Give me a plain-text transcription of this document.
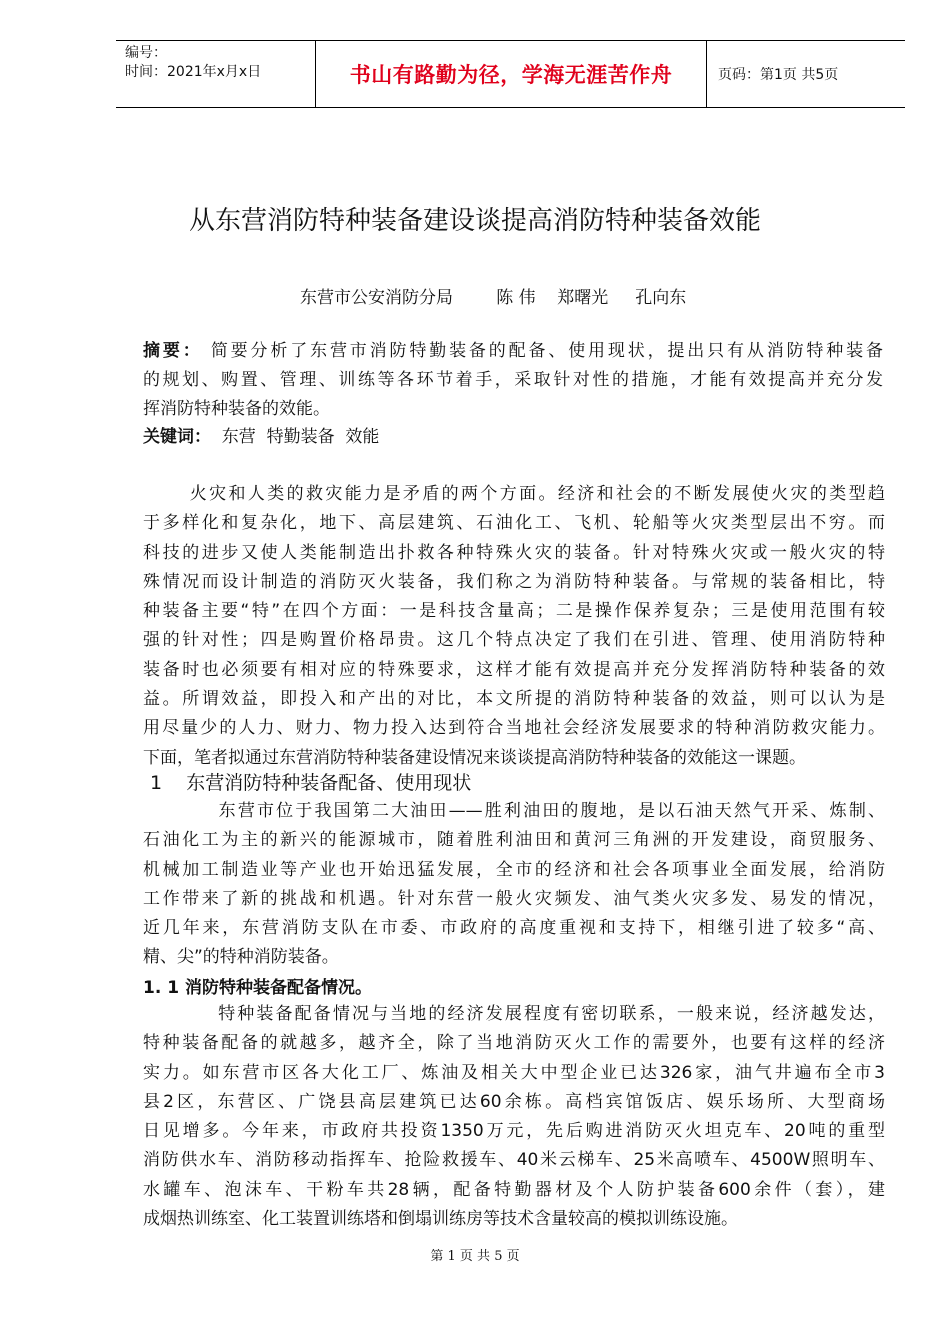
编号：
时间：2021年x月x日	书山有路勤为径，学海无涯苦作舟	页码：第1页 共5页
从东营消防特种装备建设谈提高消防特种装备效能
东营市公安消防分局        陈 伟    郑曙光     孔向东
摘要： 简要分析了东营市消防特勤装备的配备、使用现状，提出只有从消防特种装备
的规划、购置、管理、训练等各环节着手，采取针对性的措施，才能有效提高并充分发
挥消防特种装备的效能。
关键词：  东营  特勤装备  效能
火灾和人类的救灾能力是矛盾的两个方面。经济和社会的不断发展使火灾的类型趋
于多样化和复杂化，地下、高层建筑、石油化工、飞机、轮船等火灾类型层出不穷。而
科技的进步又使人类能制造出扑救各种特殊火灾的装备。针对特殊火灾或一般火灾的特
殊情况而设计制造的消防灭火装备，我们称之为消防特种装备。与常规的装备相比，特
种装备主要“特”在四个方面：一是科技含量高；二是操作保养复杂；三是使用范围有较
强的针对性；四是购置价格昂贵。这几个特点决定了我们在引进、管理、使用消防特种
装备时也必须要有相对应的特殊要求，这样才能有效提高并充分发挥消防特种装备的效
益。所谓效益，即投入和产出的对比，本文所提的消防特种装备的效益，则可以认为是
用尽量少的人力、财力、物力投入达到符合当地社会经济发展要求的特种消防救灾能力。
下面，笔者拟通过东营消防特种装备建设情况来谈谈提高消防特种装备的效能这一课题。
1    东营消防特种装备配备、使用现状
东营市位于我国第二大油田——胜利油田的腹地，是以石油天然气开采、炼制、
石油化工为主的新兴的能源城市，随着胜利油田和黄河三角洲的开发建设，商贸服务、
机械加工制造业等产业也开始迅猛发展，全市的经济和社会各项事业全面发展，给消防
工作带来了新的挑战和机遇。针对东营一般火灾频发、油气类火灾多发、易发的情况，
近几年来，东营消防支队在市委、市政府的高度重视和支持下，相继引进了较多“高、
精、尖”的特种消防装备。
1. 1 消防特种装备配备情况。
特种装备配备情况与当地的经济发展程度有密切联系，一般来说，经济越发达，
特种装备配备的就越多，越齐全，除了当地消防灭火工作的需要外，也要有这样的经济
实力。如东营市区各大化工厂、炼油及相关大中型企业已达326家，油气井遍布全市3
县2区，东营区、广饶县高层建筑已达60余栋。高档宾馆饭店、娱乐场所、大型商场
日见增多。今年来，市政府共投资1350万元，先后购进消防灭火坦克车、20吨的重型
消防供水车、消防移动指挥车、抢险救援车、40米云梯车、25米高喷车、4500W照明车、
水罐车、泡沫车、干粉车共28辆，配备特勤器材及个人防护装备600余件（套），建
成烟热训练室、化工装置训练塔和倒塌训练房等技术含量较高的模拟训练设施。
第 1 页 共 5 页
